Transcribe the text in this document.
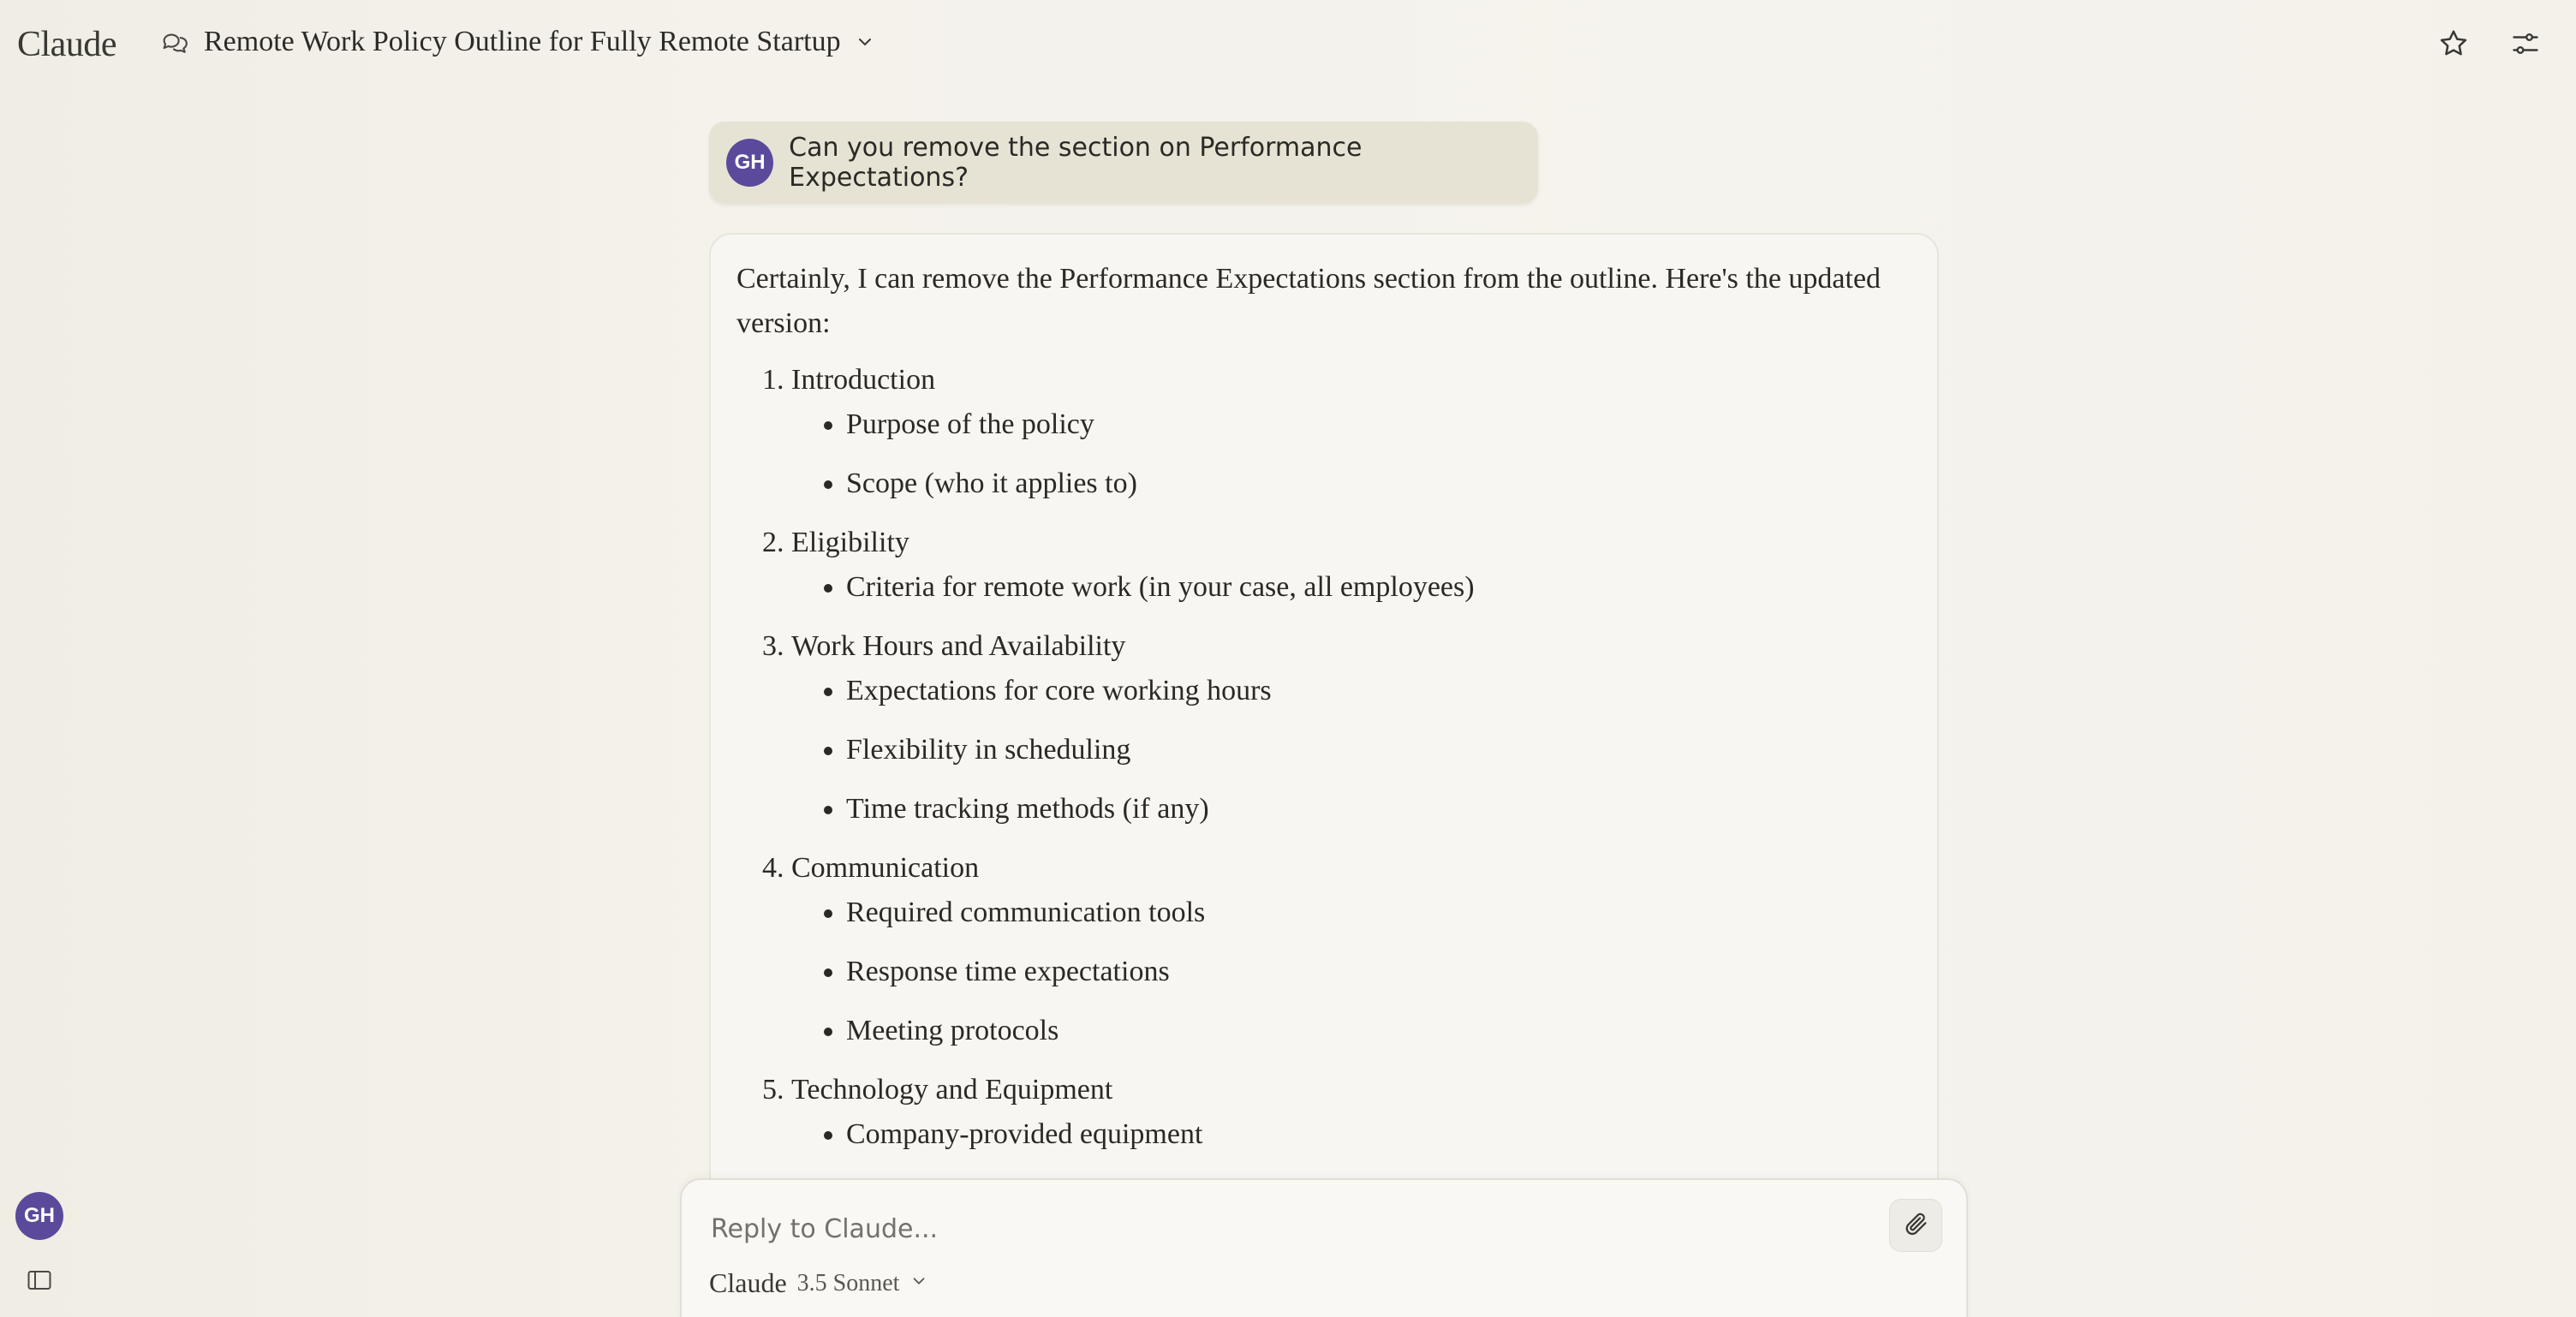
Claude	Remote Work Policy Outline for Fully Remote Startup
GH Can you remove the section on Performance Expectations?

Certainly, I can remove the Performance Expectations section from the outline. Here's the updated version:

1. Introduction
• Purpose of the policy
• Scope (who it applies to)
2. Eligibility
• Criteria for remote work (in your case, all employees)
3. Work Hours and Availability
• Expectations for core working hours
• Flexibility in scheduling
• Time tracking methods (if any)
4. Communication
• Required communication tools
• Response time expectations
• Meeting protocols
5. Technology and Equipment
• Company-provided equipment
•
Reply to Claude...
Claude 3.5 Sonnet
GH
